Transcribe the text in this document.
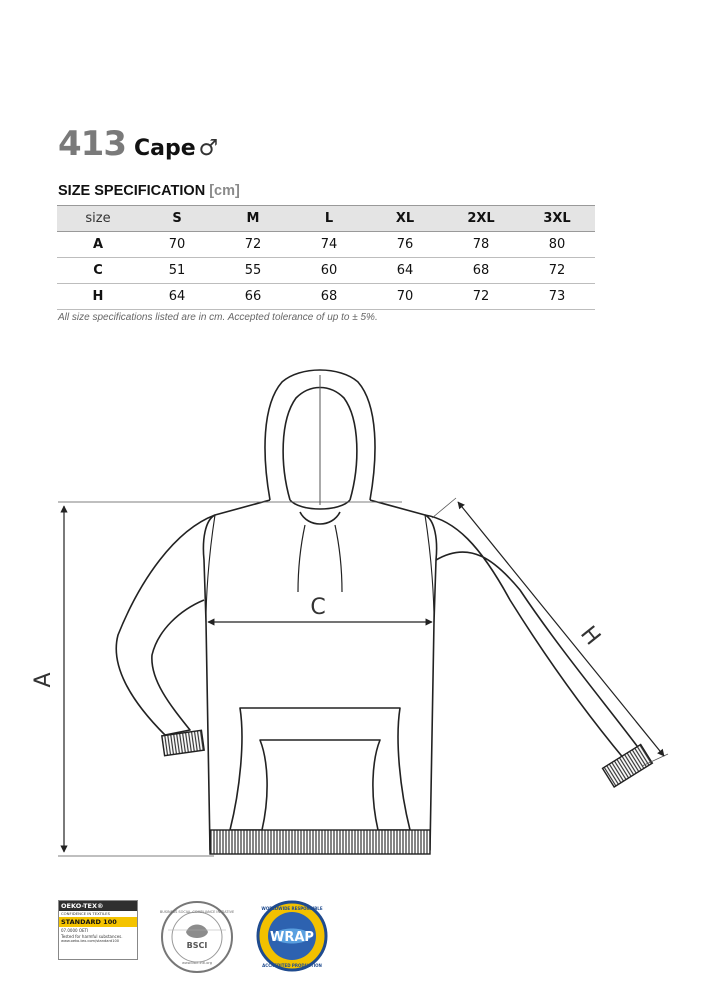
413 Cape ♂
SIZE SPECIFICATION [cm]
size	S	M	L	XL	2XL	3XL
A	70	72	74	76	78	80
C	51	55	60	64	68	72
H	64	66	68	70	72	73
All size specifications listed are in cm. Accepted tolerance of up to ± 5%.
A
C
H
OEKO-TEX®
CONFIDENCE IN TEXTILES
STANDARD 100
07.0000 OETI
Tested for harmful substances.
www.oeko-tex.com/standard100	BSCI
BUSINESS SOCIAL COMPLIANCE INITIATIVE
www.bsci-intl.org
WRAP
WORLDWIDE RESPONSIBLE
ACCREDITED PRODUCTION
